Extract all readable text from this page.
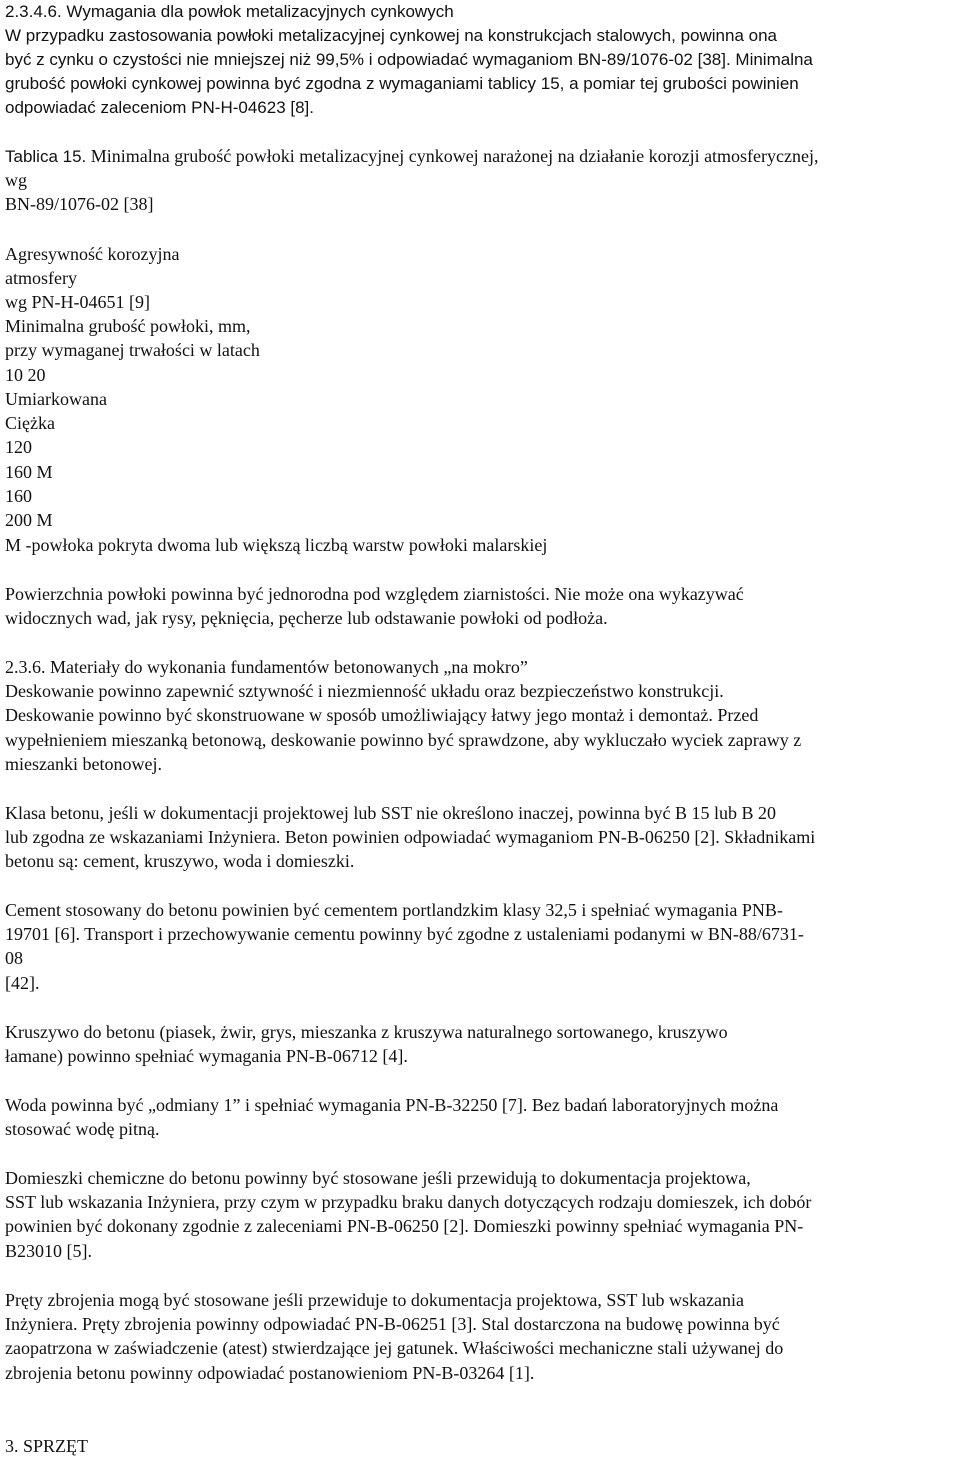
2.3.4.6. Wymagania dla powłok metalizacyjnych cynkowych
W przypadku zastosowania powłoki metalizacyjnej cynkowej na konstrukcjach stalowych, powinna ona
być z cynku o czystości nie mniejszej niż 99,5% i odpowiadać wymaganiom BN-89/1076-02 [38]. Minimalna
grubość powłoki cynkowej powinna być zgodna z wymaganiami tablicy 15, a pomiar tej grubości powinien
odpowiadać zaleceniom PN-H-04623 [8].
Tablica 15. Minimalna grubość powłoki metalizacyjnej cynkowej narażonej na działanie korozji atmosferycznej,
wg
BN-89/1076-02 [38]
Agresywność korozyjna
atmosfery
wg PN-H-04651 [9]
Minimalna grubość powłoki, mm,
przy wymaganej trwałości w latach
10 20
Umiarkowana
Ciężka
120
160 M
160
200 M
M -powłoka pokryta dwoma lub większą liczbą warstw powłoki malarskiej
Powierzchnia powłoki powinna być jednorodna pod względem ziarnistości. Nie może ona wykazywać
widocznych wad, jak rysy, pęknięcia, pęcherze lub odstawanie powłoki od podłoża.
2.3.6. Materiały do wykonania fundamentów betonowanych „na mokro”
Deskowanie powinno zapewnić sztywność i niezmienność układu oraz bezpieczeństwo konstrukcji.
Deskowanie powinno być skonstruowane w sposób umożliwiający łatwy jego montaż i demontaż. Przed
wypełnieniem mieszanką betonową, deskowanie powinno być sprawdzone, aby wykluczało wyciek zaprawy z
mieszanki betonowej.
Klasa betonu, jeśli w dokumentacji projektowej lub SST nie określono inaczej, powinna być B 15 lub B 20
lub zgodna ze wskazaniami Inżyniera. Beton powinien odpowiadać wymaganiom PN-B-06250 [2]. Składnikami
betonu są: cement, kruszywo, woda i domieszki.
Cement stosowany do betonu powinien być cementem portlandzkim klasy 32,5 i spełniać wymagania PNB-
19701 [6]. Transport i przechowywanie cementu powinny być zgodne z ustaleniami podanymi w BN-88/6731-
08
[42].
Kruszywo do betonu (piasek, żwir, grys, mieszanka z kruszywa naturalnego sortowanego, kruszywo
łamane) powinno spełniać wymagania PN-B-06712 [4].
Woda powinna być „odmiany 1” i spełniać wymagania PN-B-32250 [7]. Bez badań laboratoryjnych można
stosować wodę pitną.
Domieszki chemiczne do betonu powinny być stosowane jeśli przewidują to dokumentacja projektowa,
SST lub wskazania Inżyniera, przy czym w przypadku braku danych dotyczących rodzaju domieszek, ich dobór
powinien być dokonany zgodnie z zaleceniami PN-B-06250 [2]. Domieszki powinny spełniać wymagania PN-
B23010 [5].
Pręty zbrojenia mogą być stosowane jeśli przewiduje to dokumentacja projektowa, SST lub wskazania
Inżyniera. Pręty zbrojenia powinny odpowiadać PN-B-06251 [3]. Stal dostarczona na budowę powinna być
zaopatrzona w zaświadczenie (atest) stwierdzające jej gatunek. Właściwości mechaniczne stali używanej do
zbrojenia betonu powinny odpowiadać postanowieniom PN-B-03264 [1].
3. SPRZĘT
